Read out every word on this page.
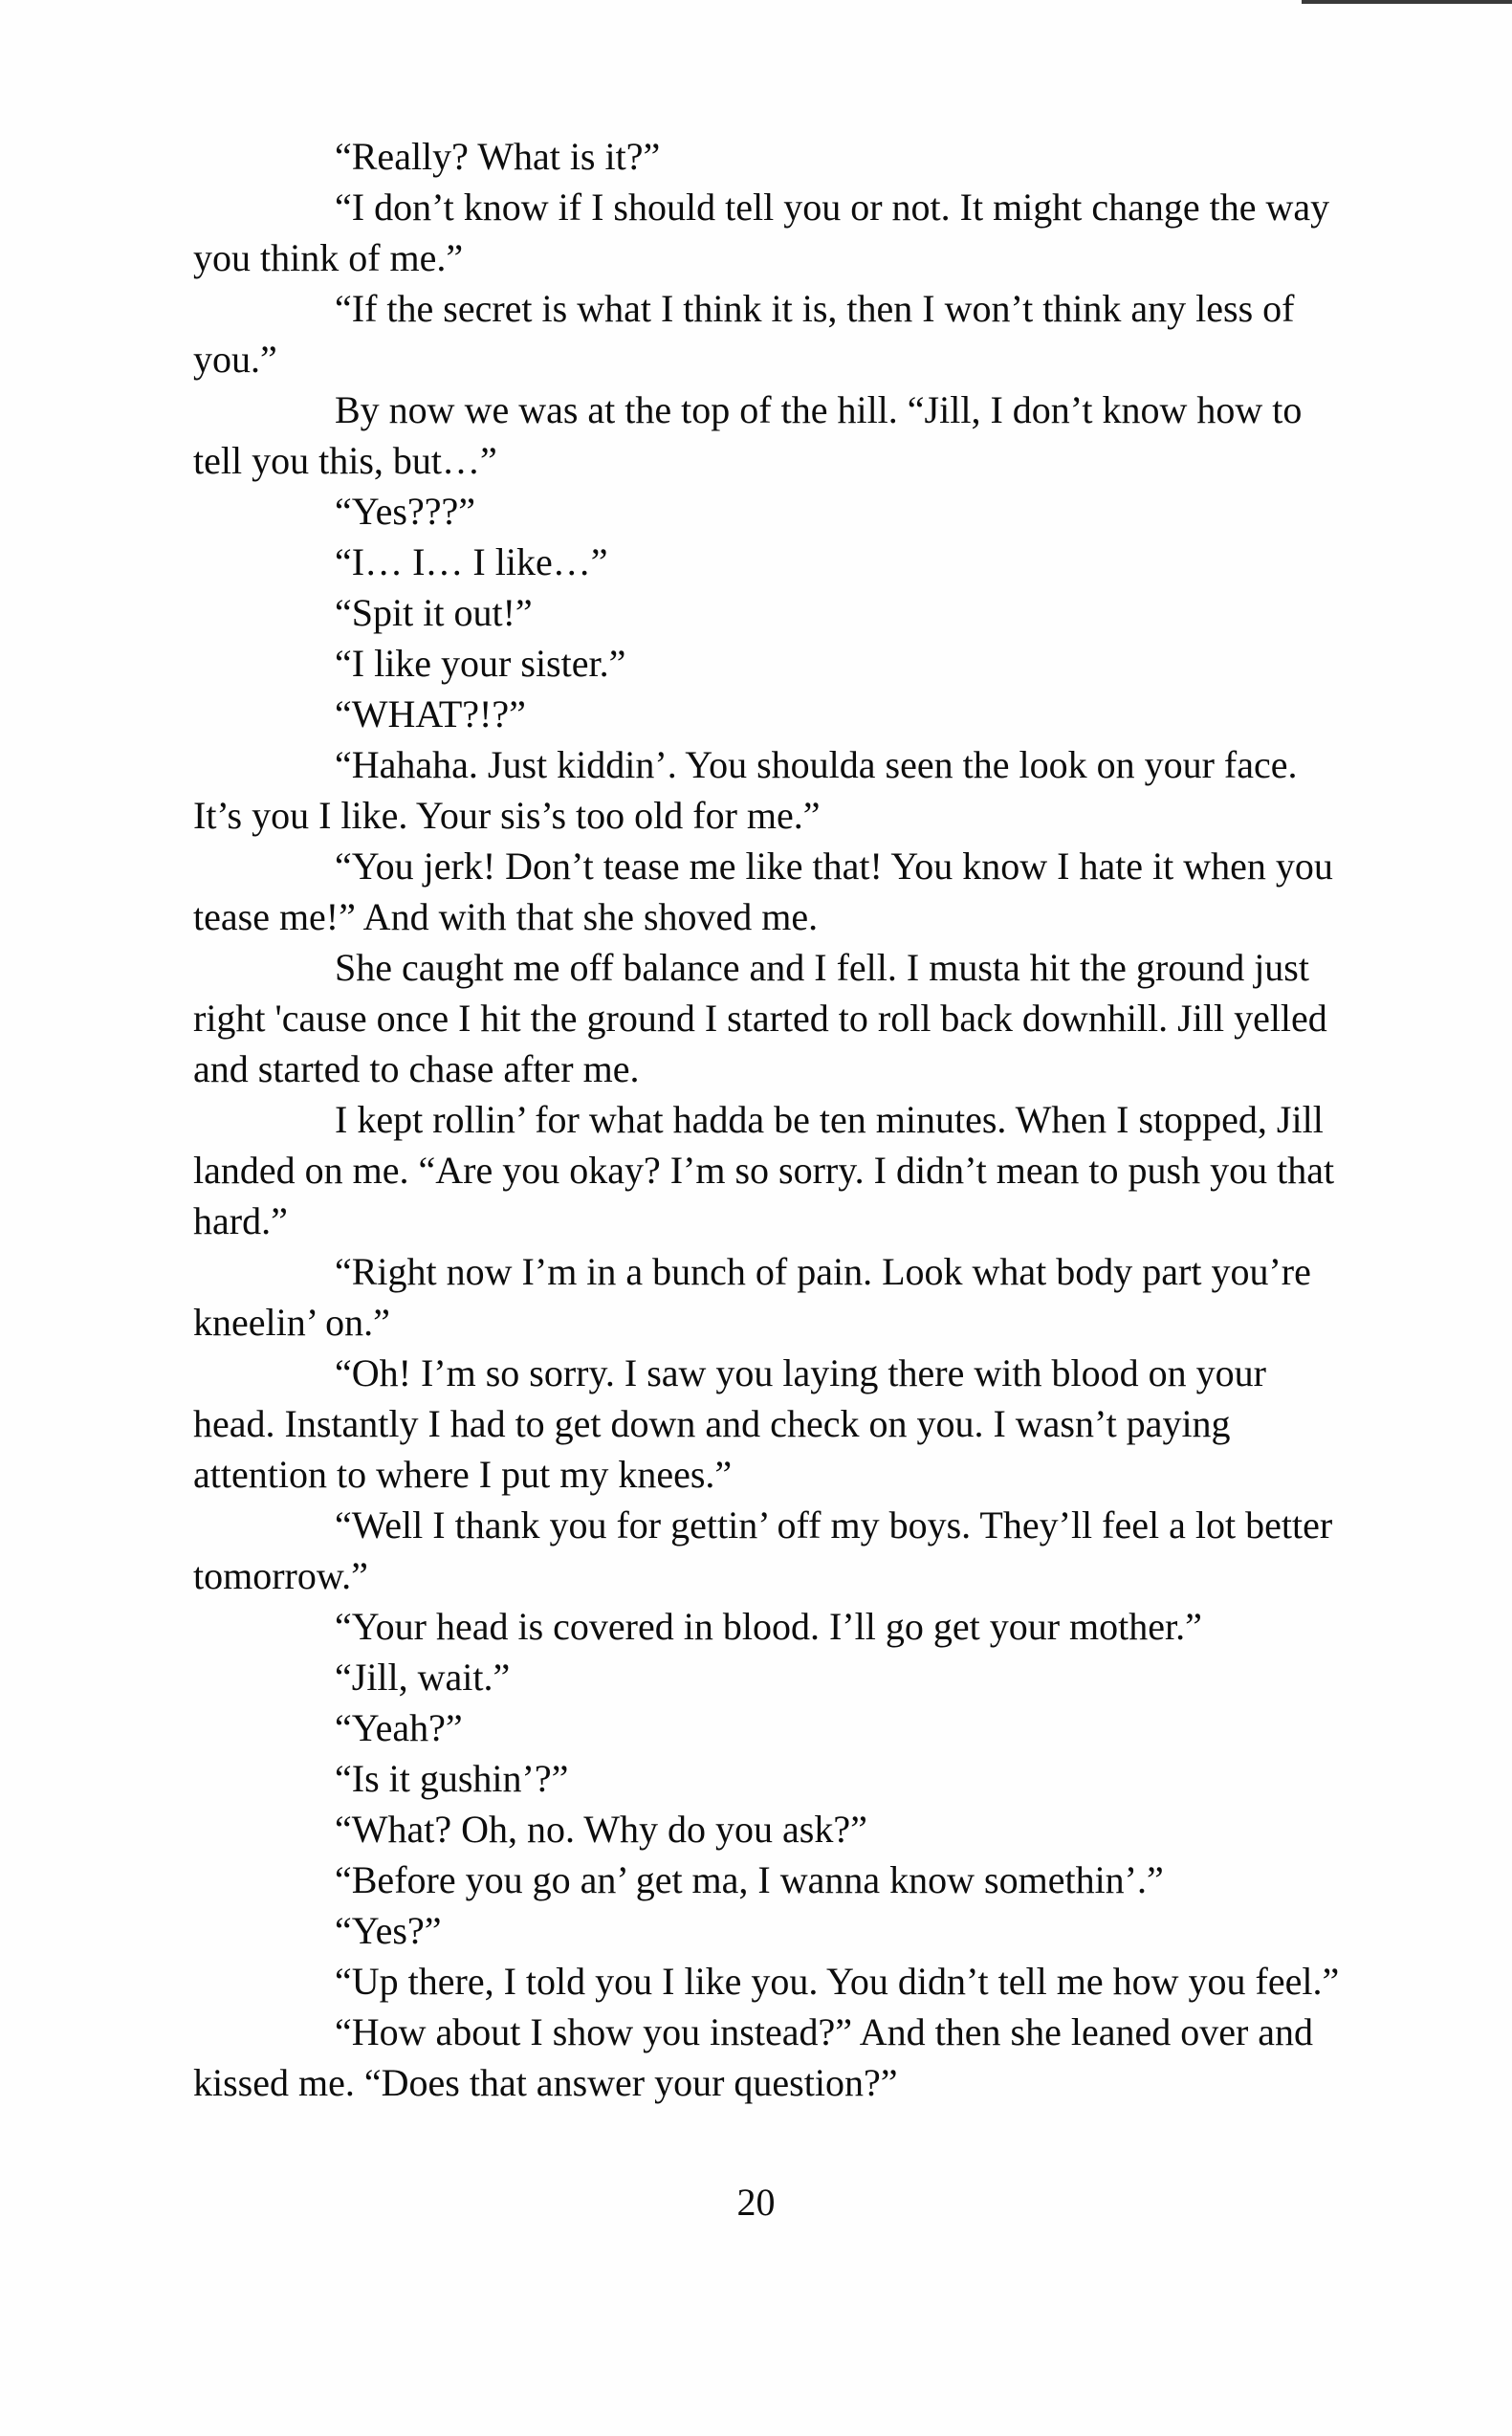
“Really? What is it?”

“I don’t know if I should tell you or not. It might change the way you think of me.”

“If the secret is what I think it is, then I won’t think any less of you.”

By now we was at the top of the hill. “Jill, I don’t know how to tell you this, but…”

“Yes???”

“I… I… I like…”

“Spit it out!”

“I like your sister.”

“WHAT?!?”

“Hahaha. Just kiddin’. You shoulda seen the look on your face. It’s you I like. Your sis’s too old for me.”

“You jerk! Don’t tease me like that! You know I hate it when you tease me!” And with that she shoved me.

She caught me off balance and I fell. I musta hit the ground just right 'cause once I hit the ground I started to roll back downhill. Jill yelled and started to chase after me.

I kept rollin’ for what hadda be ten minutes. When I stopped, Jill landed on me. “Are you okay? I’m so sorry. I didn’t mean to push you that hard.”

“Right now I’m in a bunch of pain. Look what body part you’re kneelin’ on.”

“Oh! I’m so sorry. I saw you laying there with blood on your head. Instantly I had to get down and check on you. I wasn’t paying attention to where I put my knees.”

“Well I thank you for gettin’ off my boys. They’ll feel a lot better tomorrow.”

“Your head is covered in blood. I’ll go get your mother.”

“Jill, wait.”

“Yeah?”

“Is it gushin’?”

“What? Oh, no. Why do you ask?”

“Before you go an’ get ma, I wanna know somethin’.”

“Yes?”

“Up there, I told you I like you. You didn’t tell me how you feel.”

“How about I show you instead?” And then she leaned over and kissed me. “Does that answer your question?”

20
